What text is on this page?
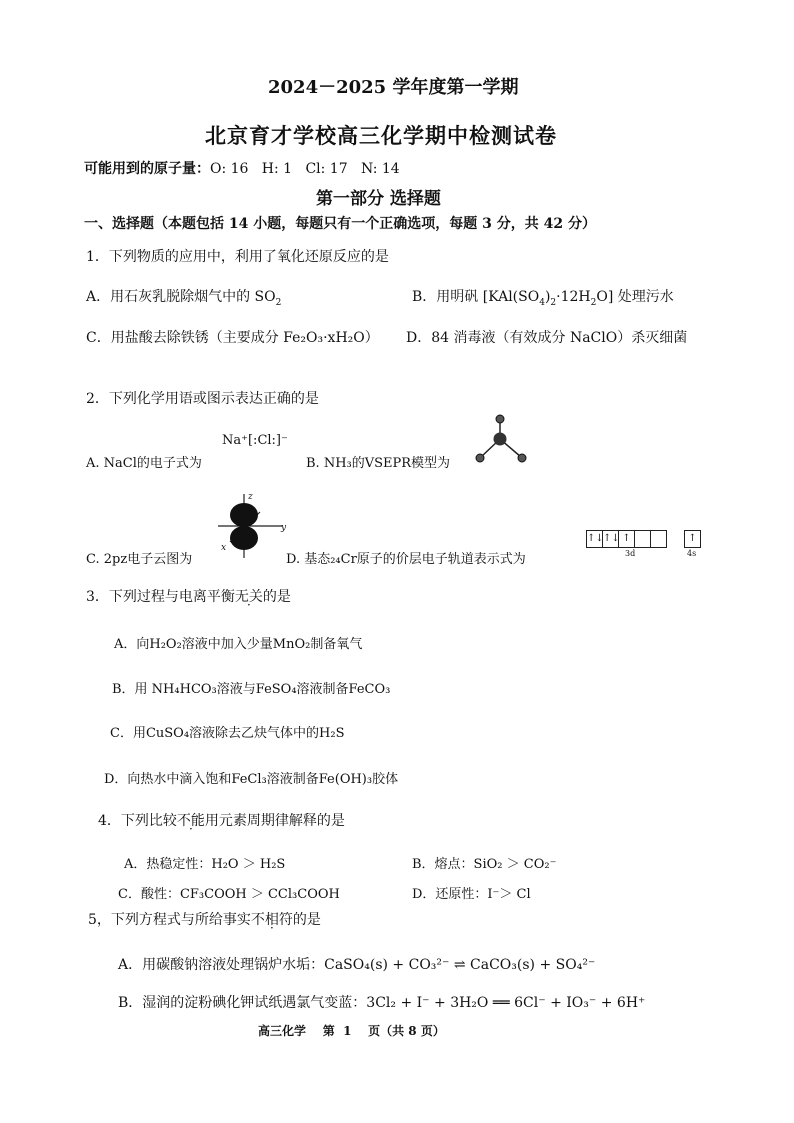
2024－2025 学年度第一学期
北京育才学校高三化学期中检测试卷
可能用到的原子量：O: 16   H: 1   Cl: 17   N: 14
第一部分 选择题
一、选择题（本题包括 14 小题，每题只有一个正确选项，每题 3 分，共 42 分）
1．下列物质的应用中，利用了氧化还原反应的是
A．用石灰乳脱除烟气中的 $SO_2$	B．用明矾 $[KAl(SO_4)_2\cdot 12H_2O]$ 处理污水
C．用盐酸去除铁锈（主要成分 Fe₂O₃·xH₂O） D．84 消毒液（有效成分 NaClO）杀灭细菌
2．下列化学用语或图示表达正确的是
A. NaCl的电子式为
Na⁺[:Cl:]⁻
B. NH₃的VSEPR模型为
C. 2pz电子云图为
z
y
x
D. 基态₂₄Cr原子的价层电子轨道表示式为
↑↓ ↑↓ ↑	↑
3d	4s
3．下列过程与电离平衡无关的是
A．向H₂O₂溶液中加入少量MnO₂制备氧气
B．用 NH₄HCO₃溶液与FeSO₄溶液制备FeCO₃
C．用CuSO₄溶液除去乙炔气体中的H₂S
D．向热水中滴入饱和FeCl₃溶液制备Fe(OH)₃胶体
4．下列比较不能用元素周期律解释的是
A．热稳定性：H₂O ＞ H₂S	B．熔点：SiO₂ ＞ CO₂⁻
C．酸性：CF₃COOH ＞ CCl₃COOH	D．还原性：I⁻＞ Cl
5，下列方程式与所给事实不相符的是
A．用碳酸钠溶液处理锅炉水垢：CaSO₄(s) + CO₃²⁻ ⇌ CaCO₃(s) + SO₄²⁻
B．湿润的淀粉碘化钾试纸遇氯气变蓝：3Cl₂ + I⁻ + 3H₂O ══ 6Cl⁻ + IO₃⁻ + 6H⁺
高三化学    第  1    页（共 8 页）
